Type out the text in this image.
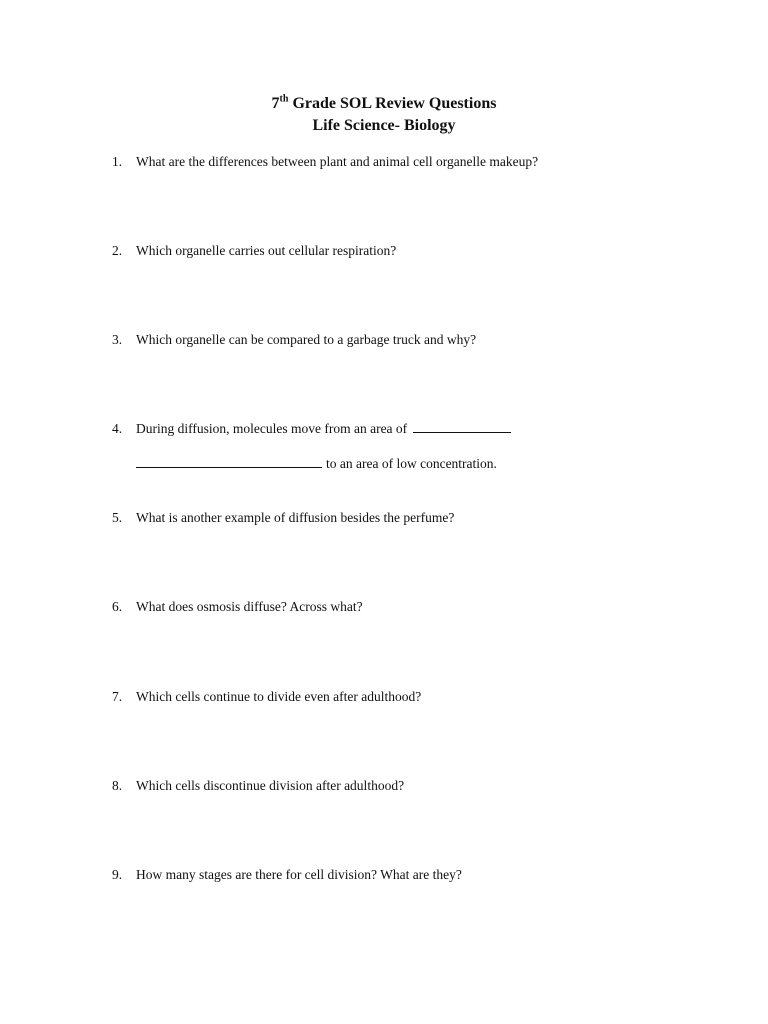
7th Grade SOL Review Questions
Life Science- Biology
1. What are the differences between plant and animal cell organelle makeup?
2. Which organelle carries out cellular respiration?
3. Which organelle can be compared to a garbage truck and why?
4. During diffusion, molecules move from an area of
to an area of low concentration.
5. What is another example of diffusion besides the perfume?
6. What does osmosis diffuse? Across what?
7. Which cells continue to divide even after adulthood?
8. Which cells discontinue division after adulthood?
9. How many stages are there for cell division? What are they?
